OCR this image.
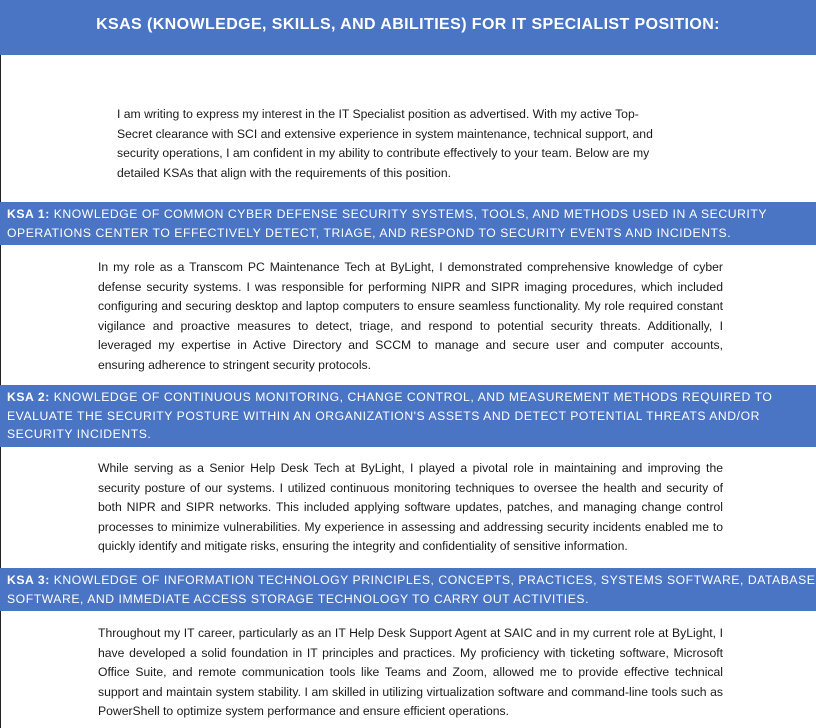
KSAS (KNOWLEDGE, SKILLS, AND ABILITIES) FOR IT SPECIALIST POSITION:

I am writing to express my interest in the IT Specialist position as advertised. With my active Top-Secret clearance with SCI and extensive experience in system maintenance, technical support, and security operations, I am confident in my ability to contribute effectively to your team. Below are my detailed KSAs that align with the requirements of this position.

KSA 1: KNOWLEDGE OF COMMON CYBER DEFENSE SECURITY SYSTEMS, TOOLS, AND METHODS USED IN A SECURITY OPERATIONS CENTER TO EFFECTIVELY DETECT, TRIAGE, AND RESPOND TO SECURITY EVENTS AND INCIDENTS.

In my role as a Transcom PC Maintenance Tech at ByLight, I demonstrated comprehensive knowledge of cyber defense security systems. I was responsible for performing NIPR and SIPR imaging procedures, which included configuring and securing desktop and laptop computers to ensure seamless functionality. My role required constant vigilance and proactive measures to detect, triage, and respond to potential security threats. Additionally, I leveraged my expertise in Active Directory and SCCM to manage and secure user and computer accounts, ensuring adherence to stringent security protocols.

KSA 2: KNOWLEDGE OF CONTINUOUS MONITORING, CHANGE CONTROL, AND MEASUREMENT METHODS REQUIRED TO EVALUATE THE SECURITY POSTURE WITHIN AN ORGANIZATION'S ASSETS AND DETECT POTENTIAL THREATS AND/OR SECURITY INCIDENTS.

While serving as a Senior Help Desk Tech at ByLight, I played a pivotal role in maintaining and improving the security posture of our systems. I utilized continuous monitoring techniques to oversee the health and security of both NIPR and SIPR networks. This included applying software updates, patches, and managing change control processes to minimize vulnerabilities. My experience in assessing and addressing security incidents enabled me to quickly identify and mitigate risks, ensuring the integrity and confidentiality of sensitive information.

KSA 3: KNOWLEDGE OF INFORMATION TECHNOLOGY PRINCIPLES, CONCEPTS, PRACTICES, SYSTEMS SOFTWARE, DATABASE SOFTWARE, AND IMMEDIATE ACCESS STORAGE TECHNOLOGY TO CARRY OUT ACTIVITIES.

Throughout my IT career, particularly as an IT Help Desk Support Agent at SAIC and in my current role at ByLight, I have developed a solid foundation in IT principles and practices. My proficiency with ticketing software, Microsoft Office Suite, and remote communication tools like Teams and Zoom, allowed me to provide effective technical support and maintain system stability. I am skilled in utilizing virtualization software and command-line tools such as PowerShell to optimize system performance and ensure efficient operations.
